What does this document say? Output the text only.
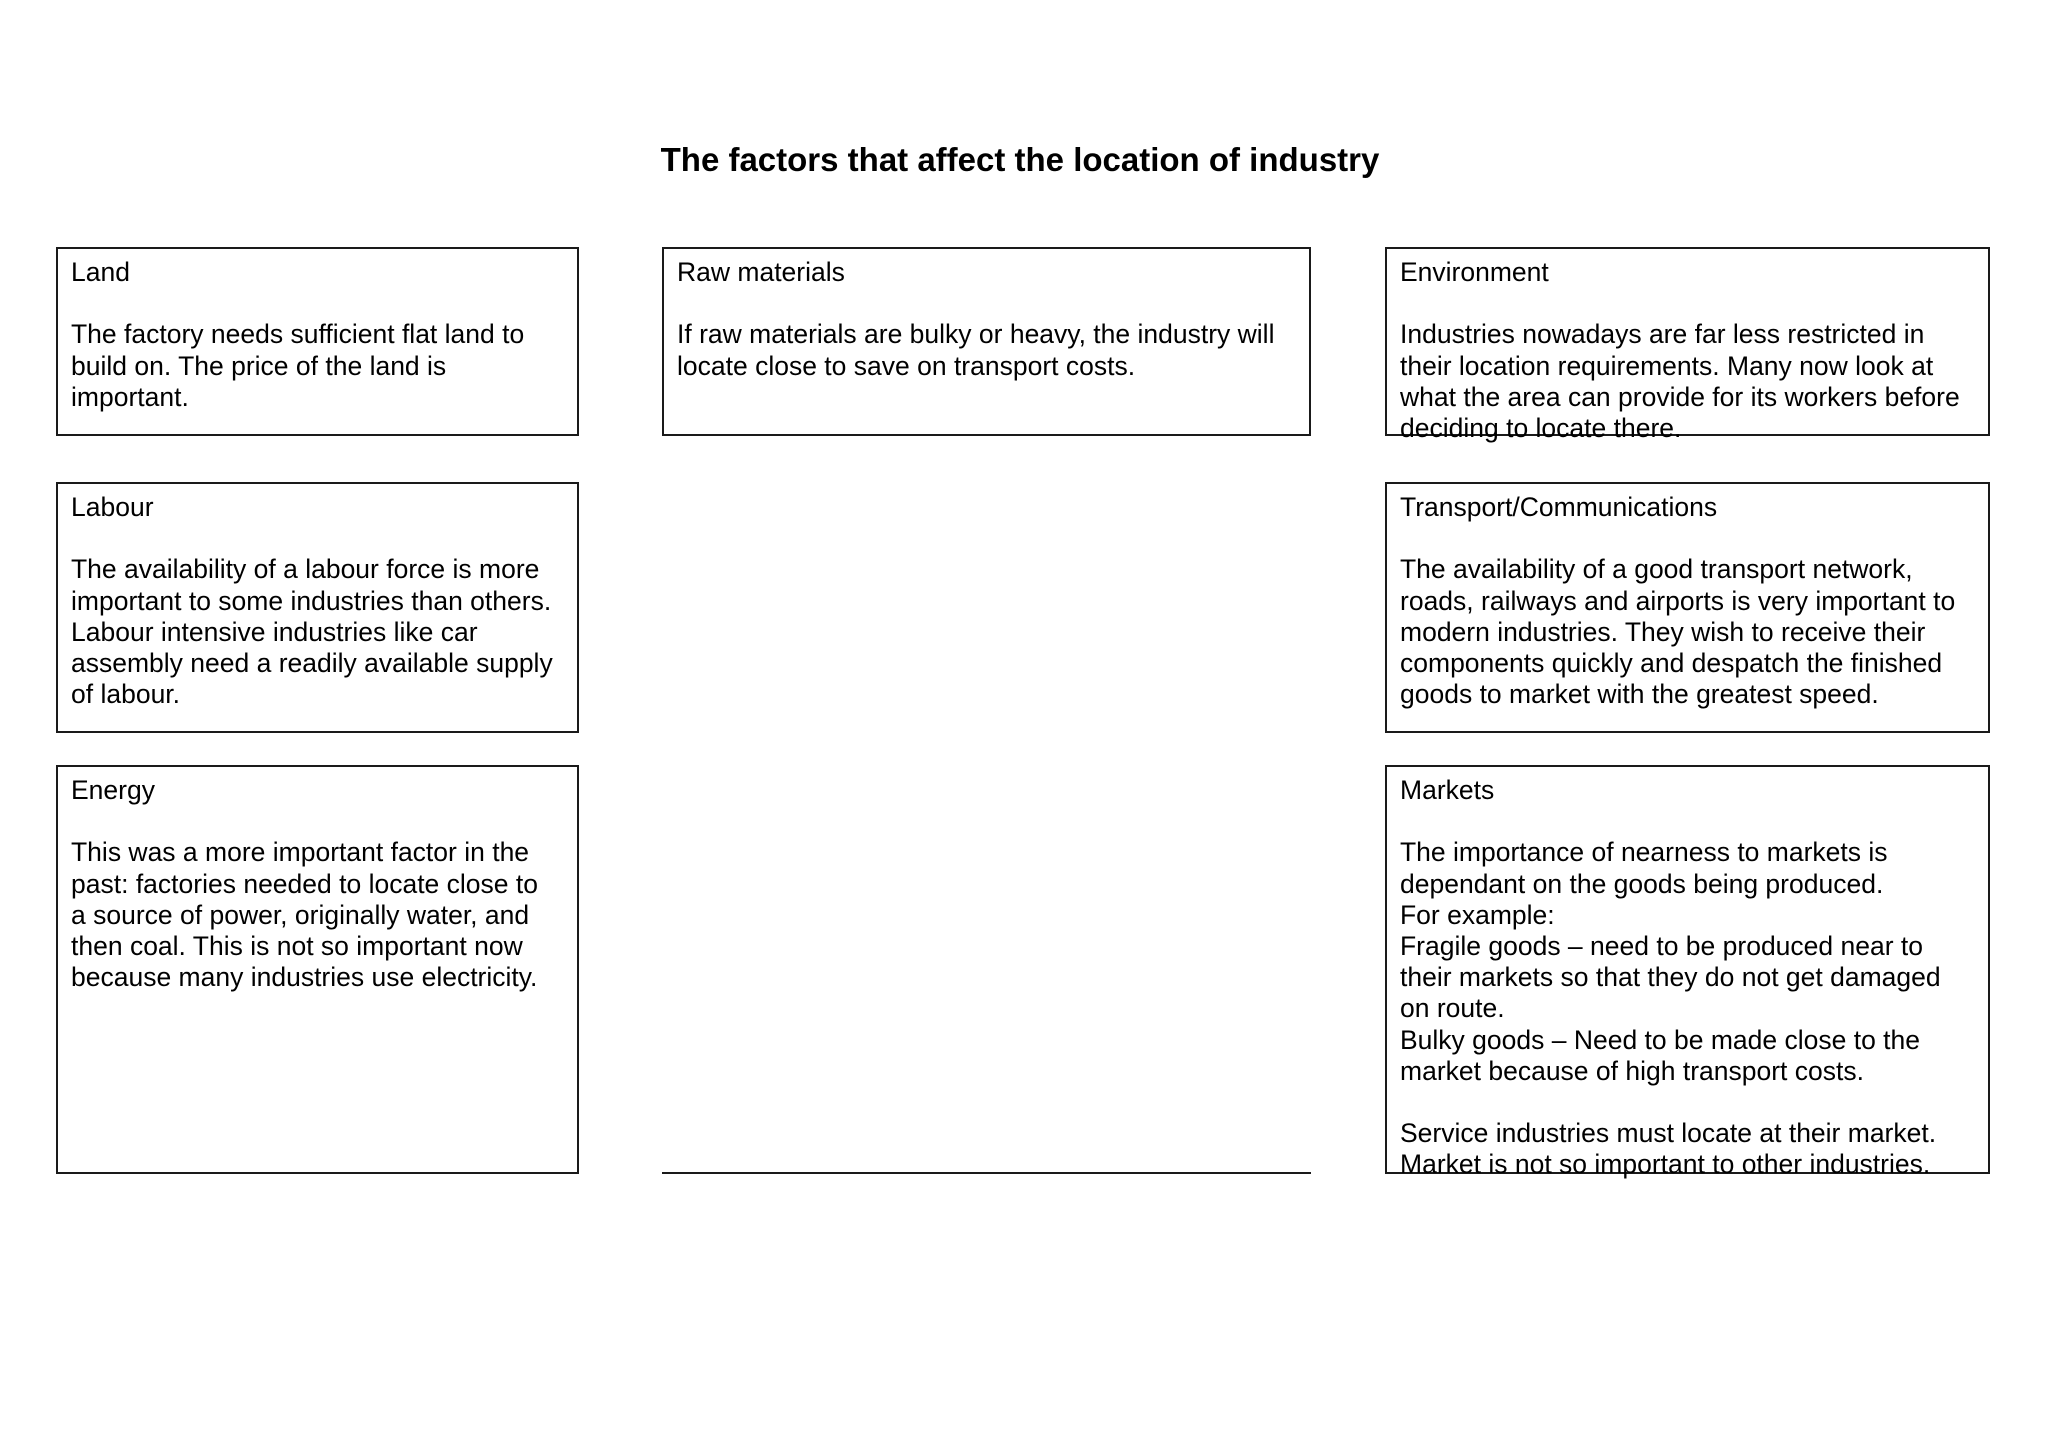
The factors that affect the location of industry
Land
The factory needs sufficient flat land to
build on. The price of the land is
important.
Raw materials
If raw materials are bulky or heavy, the industry will
locate close to save on transport costs.
Environment
Industries nowadays are far less restricted in
their location requirements. Many now look at
what the area can provide for its workers before
deciding to locate there.
Labour
The availability of a labour force is more
important to some industries than others.
Labour intensive industries like car
assembly need a readily available supply
of labour.
Transport/Communications
The availability of a good transport network,
roads, railways and airports is very important to
modern industries. They wish to receive their
components quickly and despatch the finished
goods to market with the greatest speed.
Energy
This was a more important factor in the
past: factories needed to locate close to
a source of power, originally water, and
then coal. This is not so important now
because many industries use electricity.
Markets
The importance of nearness to markets is
dependant on the goods being produced.
For example:
Fragile goods – need to be produced near to
their markets so that they do not get damaged
on route.
Bulky goods – Need to be made close to the
market because of high transport costs.
Service industries must locate at their market.
Market is not so important to other industries.
